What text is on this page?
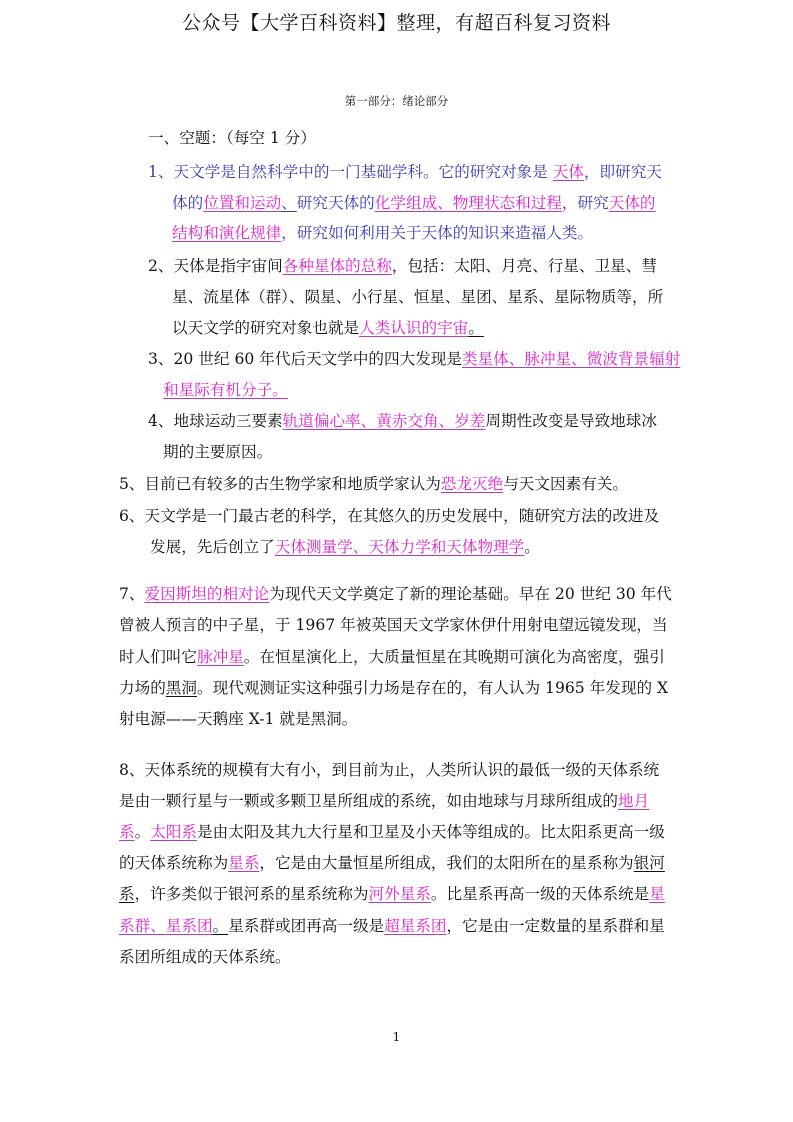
公众号【大学百科资料】整理，有超百科复习资料
第一部分：绪论部分
一、空题：（每空 1 分）
1、天文学是自然科学中的一门基础学科。它的研究对象是 天体，即研究天
体的位置和运动、研究天体的化学组成、物理状态和过程，研究天体的
结构和演化规律，研究如何利用关于天体的知识来造福人类。
2、天体是指宇宙间各种星体的总称，包括：太阳、月亮、行星、卫星、彗
星、流星体（群）、陨星、小行星、恒星、星团、星系、星际物质等，所
以天文学的研究对象也就是人类认识的宇宙。
3、20 世纪 60 年代后天文学中的四大发现是类星体、脉冲星、微波背景辐射
和星际有机分子。
4、地球运动三要素轨道偏心率、黄赤交角、岁差周期性改变是导致地球冰
期的主要原因。
5、目前已有较多的古生物学家和地质学家认为恐龙灭绝与天文因素有关。
6、天文学是一门最古老的科学，在其悠久的历史发展中，随研究方法的改进及
发展，先后创立了天体测量学、天体力学和天体物理学。
7、爱因斯坦的相对论为现代天文学奠定了新的理论基础。早在 20 世纪 30 年代
曾被人预言的中子星，于 1967 年被英国天文学家休伊什用射电望远镜发现，当
时人们叫它脉冲星。在恒星演化上，大质量恒星在其晚期可演化为高密度，强引
力场的黑洞。现代观测证实这种强引力场是存在的，有人认为 1965 年发现的 X
射电源——天鹅座 X-1 就是黑洞。
8、天体系统的规模有大有小，到目前为止，人类所认识的最低一级的天体系统
是由一颗行星与一颗或多颗卫星所组成的系统，如由地球与月球所组成的地月
系。太阳系是由太阳及其九大行星和卫星及小天体等组成的。比太阳系更高一级
的天体系统称为星系，它是由大量恒星所组成，我们的太阳所在的星系称为银河
系，许多类似于银河系的星系统称为河外星系。比星系再高一级的天体系统是星
系群、星系团。星系群或团再高一级是超星系团，它是由一定数量的星系群和星
系团所组成的天体系统。
1
